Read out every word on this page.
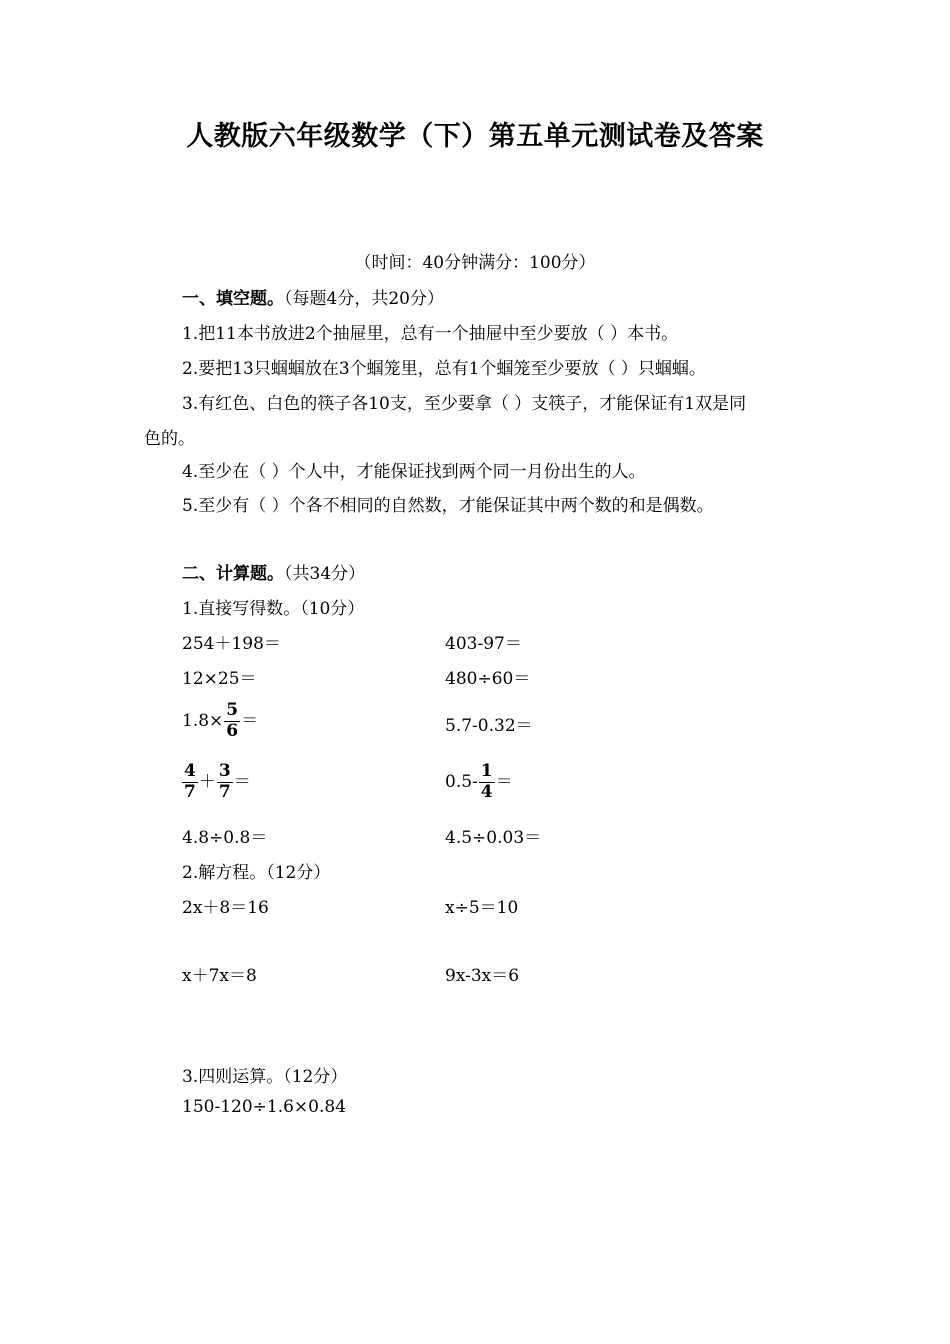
人教版六年级数学（下）第五单元测试卷及答案
（时间：40分钟满分：100分）
一、填空题。（每题4分，共20分）
1.把11本书放进2个抽屉里，总有一个抽屉中至少要放（ ）本书。
2.要把13只蝈蝈放在3个蝈笼里，总有1个蝈笼至少要放（ ）只蝈蝈。
3.有红色、白色的筷子各10支，至少要拿（ ）支筷子，才能保证有1双是同
色的。
4.至少在（ ）个人中，才能保证找到两个同一月份出生的人。
5.至少有（ ）个各不相同的自然数，才能保证其中两个数的和是偶数。
二、计算题。（共34分）
1.直接写得数。（10分）
254＋198＝	403-97＝
12×25＝	480÷60＝
$1.8\times \frac{5}{6}$ ＝	5.7-0.32＝
$\frac{4}{7} + \frac{3}{7}$ ＝	$0.5- \frac{1}{4}$ ＝
4.8÷0.8＝	4.5÷0.03＝
2.解方程。（12分）
2x＋8＝16	x÷5＝10
x＋7x＝8	9x-3x＝6
3.四则运算。（12分）
150-120÷1.6×0.84
